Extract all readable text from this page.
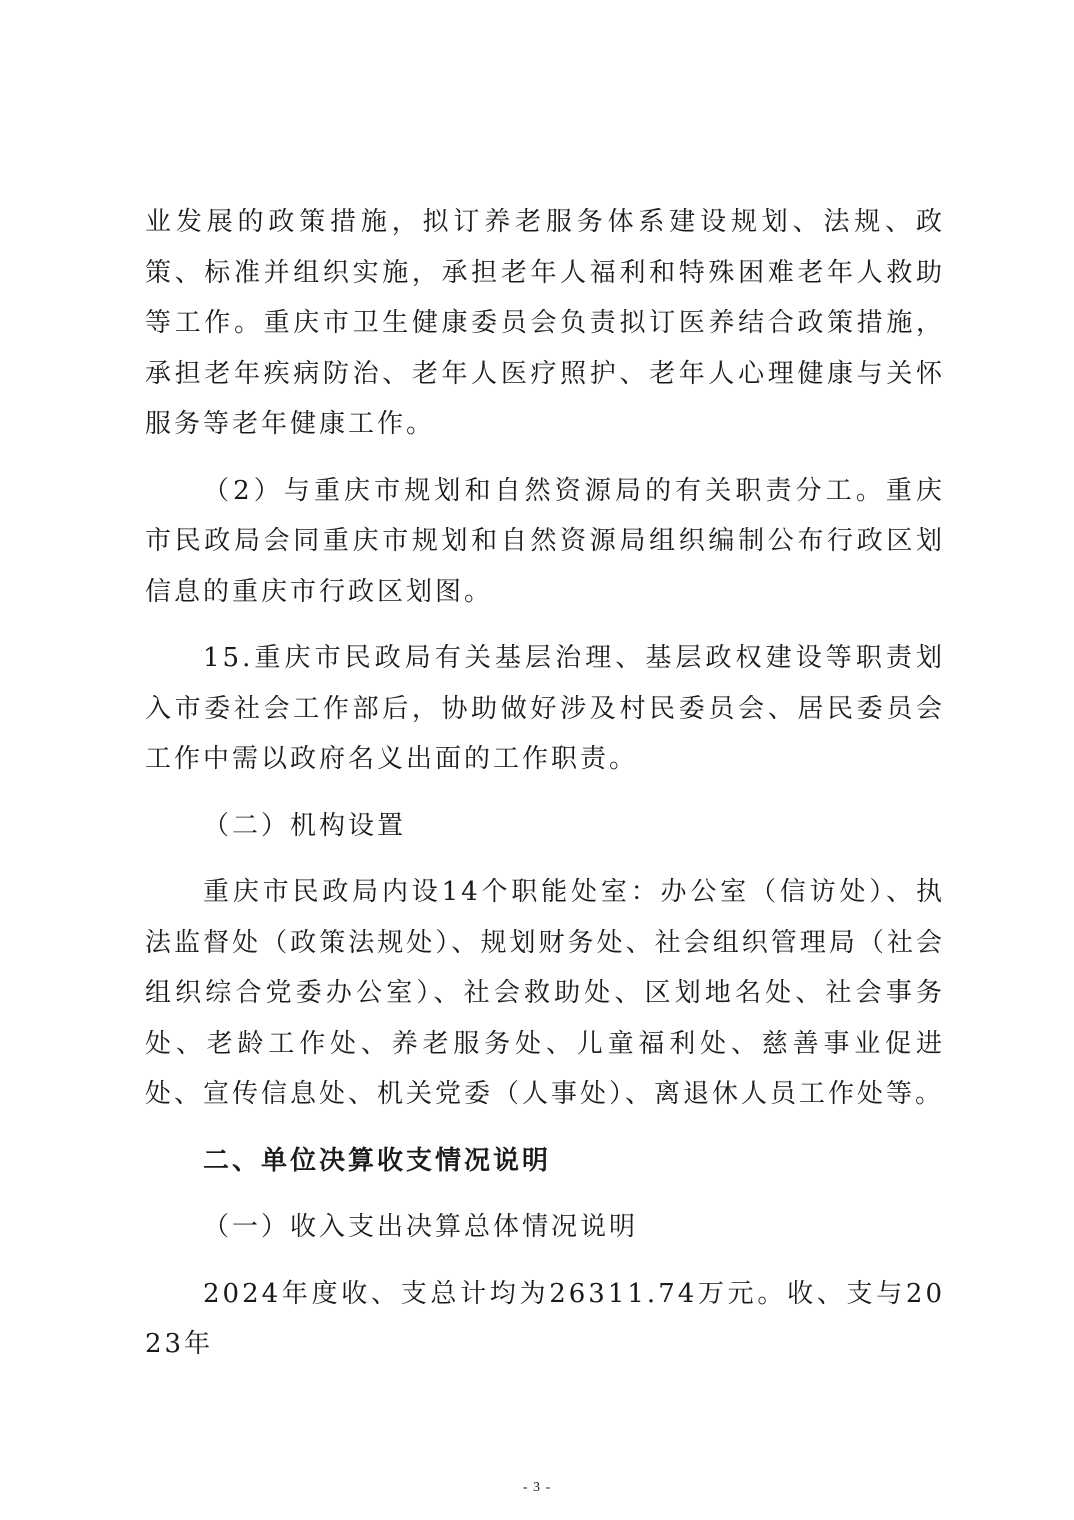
业发展的政策措施，拟订养老服务体系建设规划、法规、政策、标准并组织实施，承担老年人福利和特殊困难老年人救助等工作。重庆市卫生健康委员会负责拟订医养结合政策措施，承担老年疾病防治、老年人医疗照护、老年人心理健康与关怀服务等老年健康工作。

（2）与重庆市规划和自然资源局的有关职责分工。重庆市民政局会同重庆市规划和自然资源局组织编制公布行政区划信息的重庆市行政区划图。

15.重庆市民政局有关基层治理、基层政权建设等职责划入市委社会工作部后，协助做好涉及村民委员会、居民委员会工作中需以政府名义出面的工作职责。

（二）机构设置

重庆市民政局内设14个职能处室：办公室（信访处）、执法监督处（政策法规处）、规划财务处、社会组织管理局（社会组织综合党委办公室）、社会救助处、区划地名处、社会事务处、老龄工作处、养老服务处、儿童福利处、慈善事业促进处、宣传信息处、机关党委（人事处）、离退休人员工作处等。

二、单位决算收支情况说明

（一）收入支出决算总体情况说明

2024年度收、支总计均为26311.74万元。收、支与2023年

- 3 -
